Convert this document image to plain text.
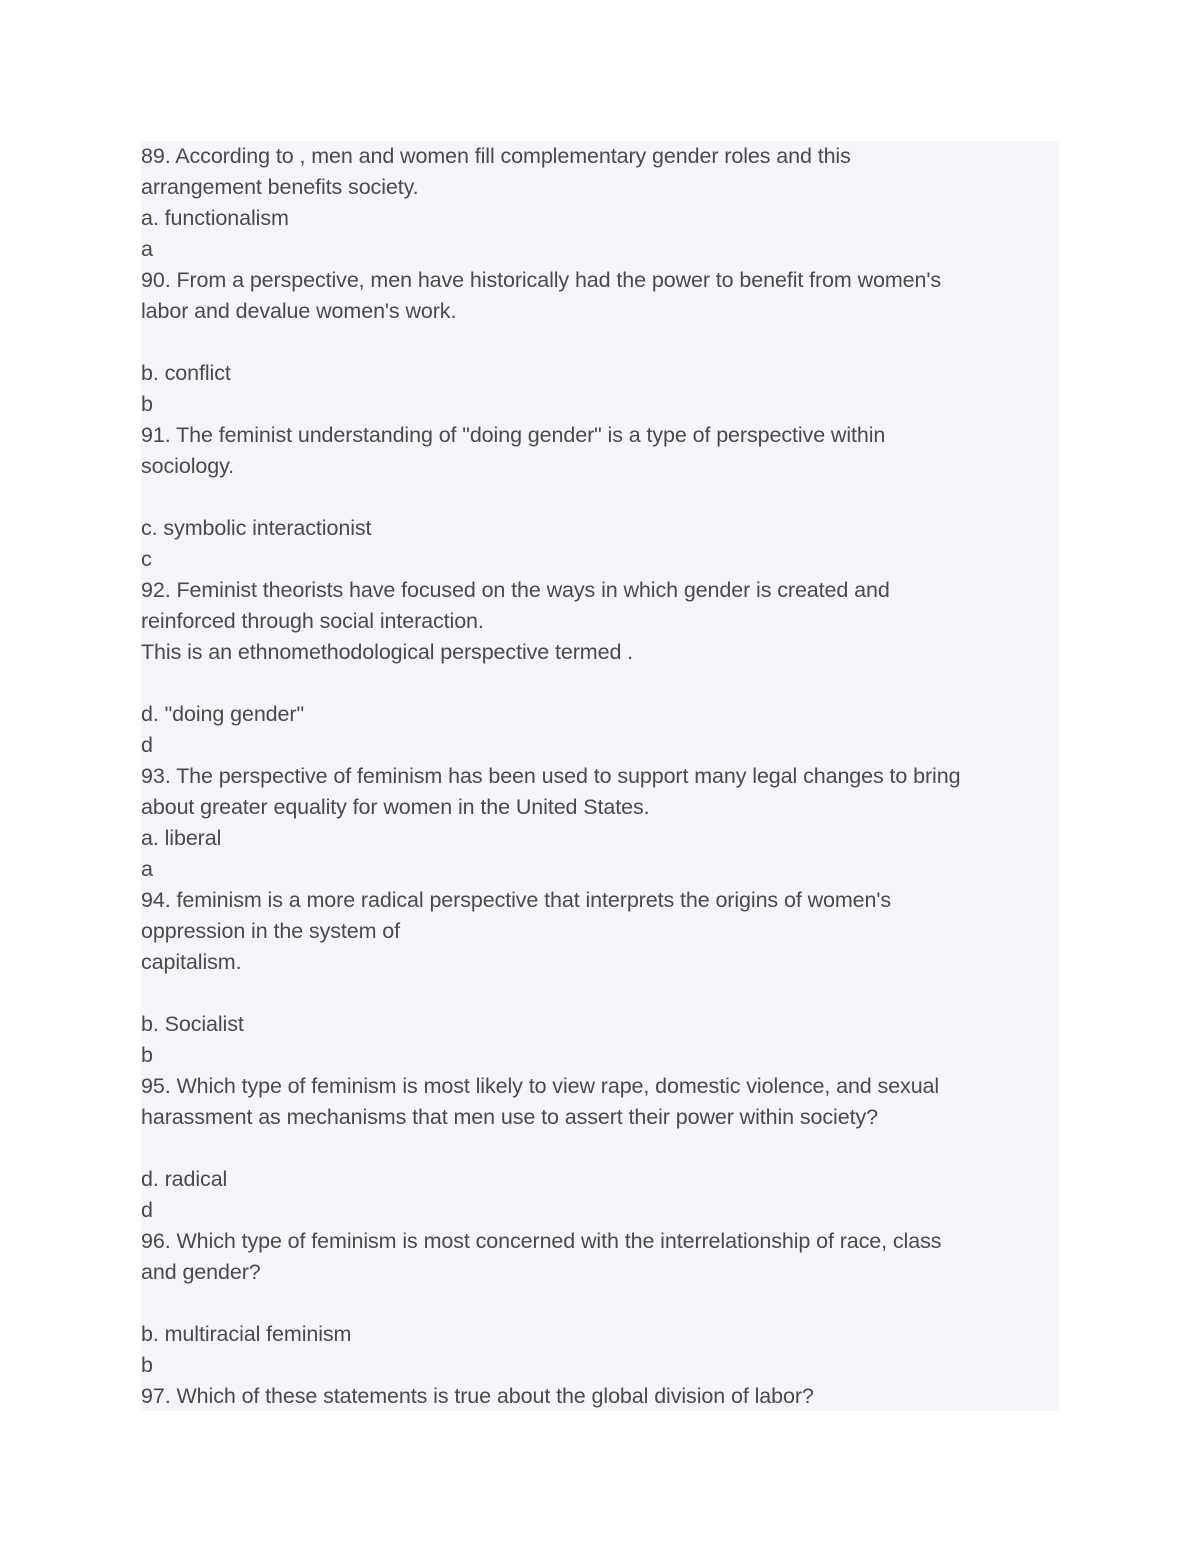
89. According to , men and women fill complementary gender roles and this
arrangement benefits society.
a. functionalism
a
90. From a perspective, men have historically had the power to benefit from women's
labor and devalue women's work.
b. conflict
b
91. The feminist understanding of "doing gender" is a type of perspective within
sociology.
c. symbolic interactionist
c
92. Feminist theorists have focused on the ways in which gender is created and
reinforced through social interaction.
This is an ethnomethodological perspective termed .
d. "doing gender"
d
93. The perspective of feminism has been used to support many legal changes to bring
about greater equality for women in the United States.
a. liberal
a
94. feminism is a more radical perspective that interprets the origins of women's
oppression in the system of
capitalism.
b. Socialist
b
95. Which type of feminism is most likely to view rape, domestic violence, and sexual
harassment as mechanisms that men use to assert their power within society?
d. radical
d
96. Which type of feminism is most concerned with the interrelationship of race, class
and gender?
b. multiracial feminism
b
97. Which of these statements is true about the global division of labor?
